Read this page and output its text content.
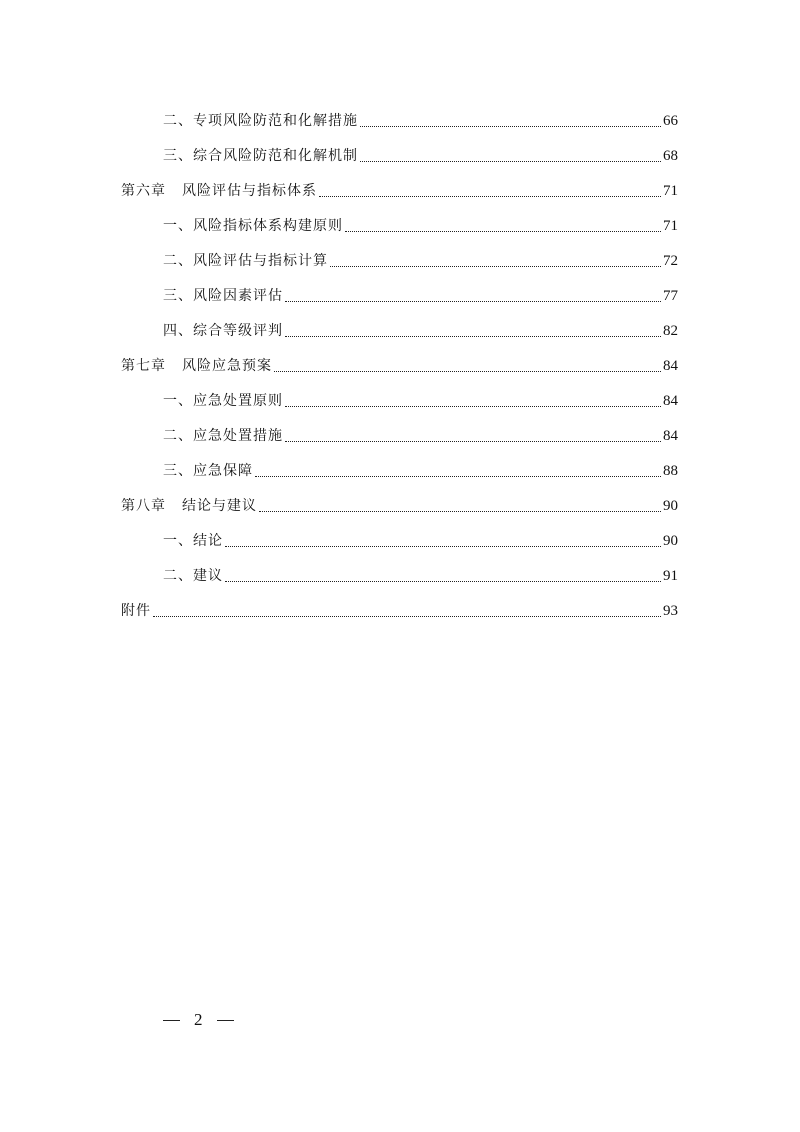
二、专项风险防范和化解措施	66
三、综合风险防范和化解机制	68
第六章 风险评估与指标体系	71
一、风险指标体系构建原则	71
二、风险评估与指标计算	72
三、风险因素评估	77
四、综合等级评判	82
第七章 风险应急预案	84
一、应急处置原则	84
二、应急处置措施	84
三、应急保障	88
第八章 结论与建议	90
一、结论	90
二、建议	91
附件	93
2
